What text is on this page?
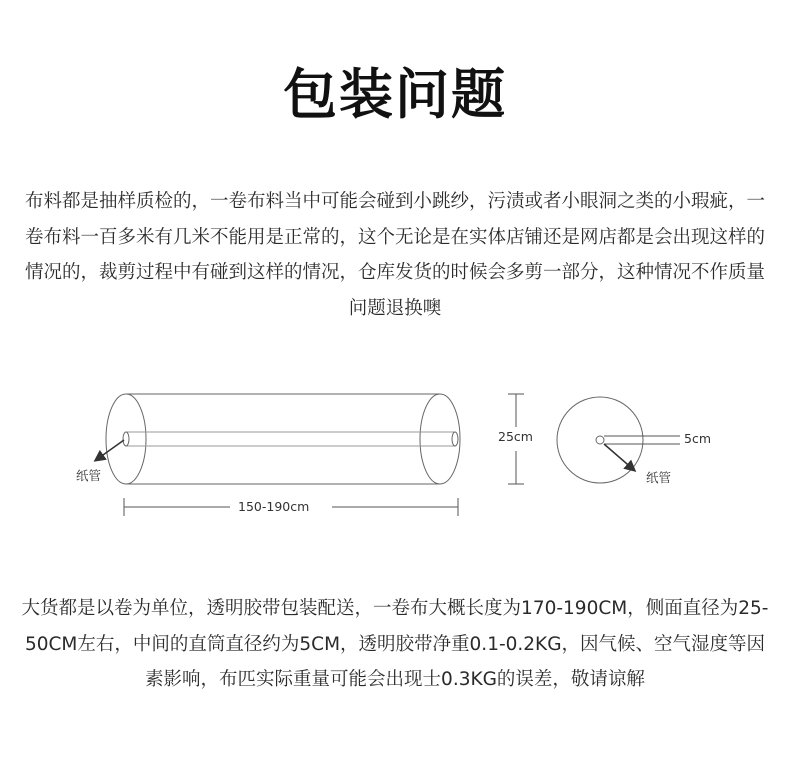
包装问题
布料都是抽样质检的，一卷布料当中可能会碰到小跳纱，污渍或者小眼洞之类的小瑕疵，一卷布料一百多米有几米不能用是正常的，这个无论是在实体店铺还是网店都是会出现这样的情况的，裁剪过程中有碰到这样的情况，仓库发货的时候会多剪一部分，这种情况不作质量问题退换噢
纸管
25cm
150-190cm
5cm
纸管
大货都是以卷为单位，透明胶带包装配送，一卷布大概长度为170-190CM，侧面直径为25-50CM左右，中间的直筒直径约为5CM，透明胶带净重0.1-0.2KG，因气候、空气湿度等因素影响，布匹实际重量可能会出现士0.3KG的误差，敬请谅解
